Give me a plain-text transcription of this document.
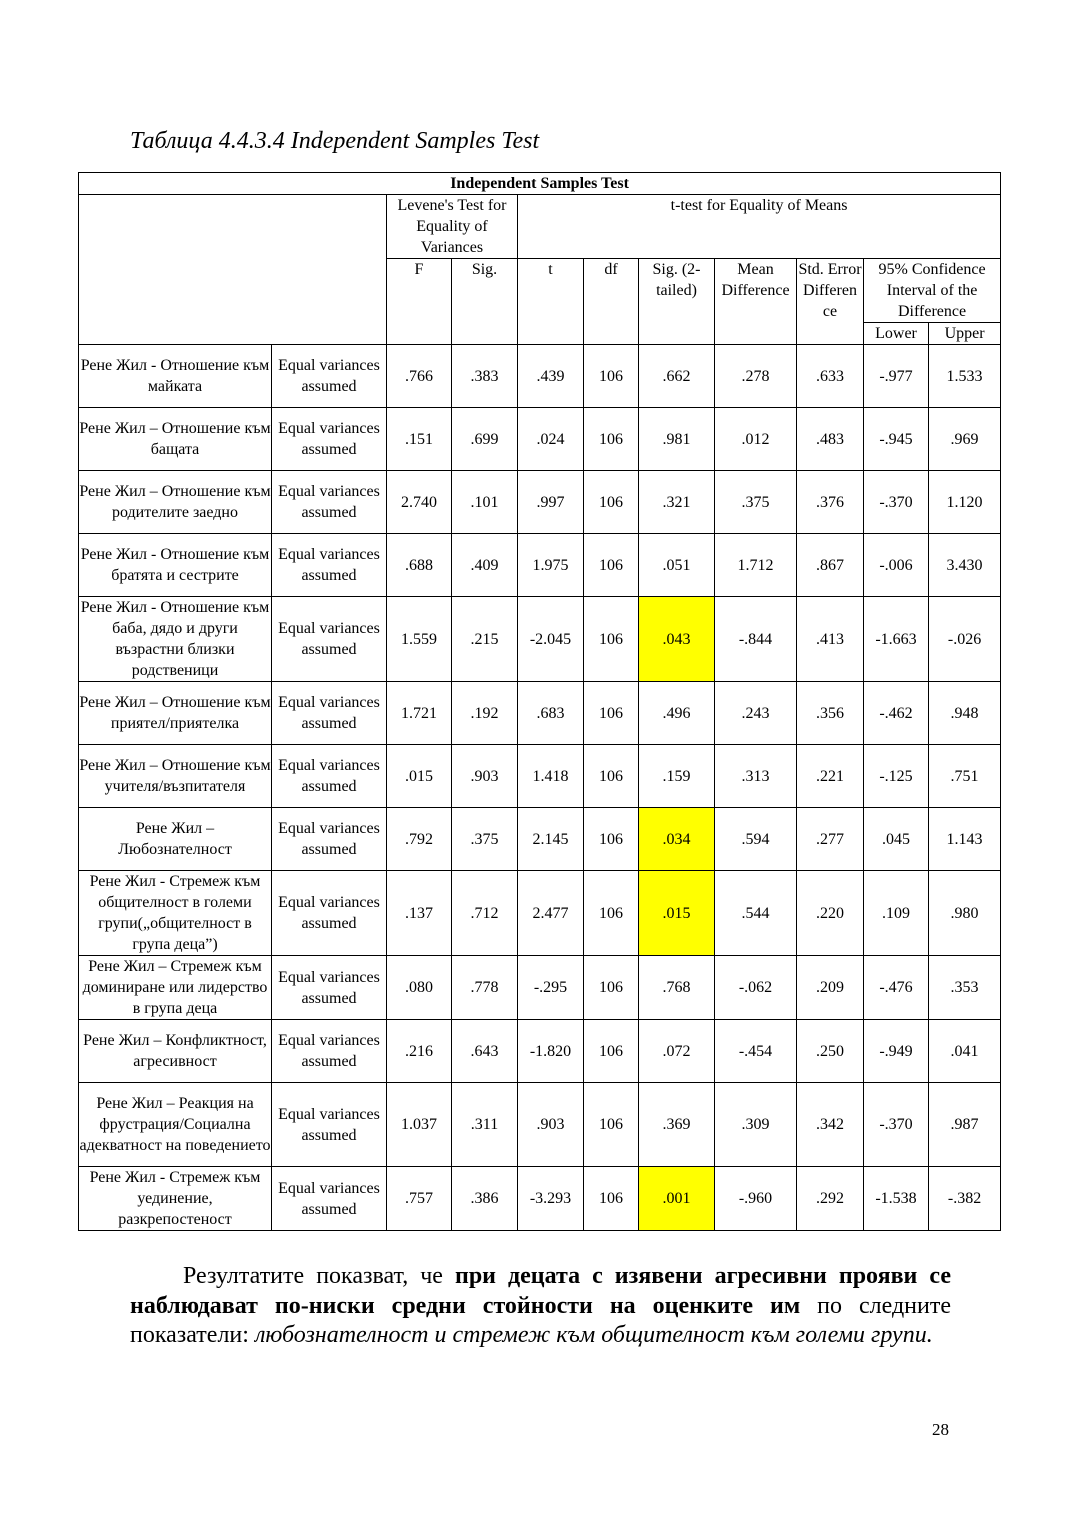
Таблица 4.4.3.4 Independent Samples Test
Independent Samples Test										
		Levene's Test for Equality of Variances		t-test for Equality of Means						
		F	Sig.	t	df	Sig. (2-tailed)	Mean Difference	Std. Error Differen ce	95% Confidence Interval of the Difference	
									Lower	Upper
Рене Жил - Отношение към майката	Equal variances assumed	.766	.383	.439	106	.662	.278	.633	-.977	1.533
Рене Жил – Отношение към бащата	Equal variances assumed	.151	.699	.024	106	.981	.012	.483	-.945	.969
Рене Жил – Отношение към родителите заедно	Equal variances assumed	2.740	.101	.997	106	.321	.375	.376	-.370	1.120
Рене Жил - Отношение към братята и сестрите	Equal variances assumed	.688	.409	1.975	106	.051	1.712	.867	-.006	3.430
Рене Жил - Отношение към баба, дядо и други възрастни близки родственици	Equal variances assumed	1.559	.215	-2.045	106	.043	-.844	.413	-1.663	-.026
Рене Жил – Отношение към приятел/приятелка	Equal variances assumed	1.721	.192	.683	106	.496	.243	.356	-.462	.948
Рене Жил – Отношение към учителя/възпитателя	Equal variances assumed	.015	.903	1.418	106	.159	.313	.221	-.125	.751
Рене Жил – Любознателност	Equal variances assumed	.792	.375	2.145	106	.034	.594	.277	.045	1.143
Рене Жил - Стремеж към общителност в големи групи(„общителност в група деца”)	Equal variances assumed	.137	.712	2.477	106	.015	.544	.220	.109	.980
Рене Жил – Стремеж към доминиране или лидерство в група деца	Equal variances assumed	.080	.778	-.295	106	.768	-.062	.209	-.476	.353
Рене Жил – Конфликтност, агресивност	Equal variances assumed	.216	.643	-1.820	106	.072	-.454	.250	-.949	.041
Рене Жил – Реакция на фрустрация/Социална адекватност на поведението	Equal variances assumed	1.037	.311	.903	106	.369	.309	.342	-.370	.987
Рене Жил - Стремеж към уединение, разкрепостеност	Equal variances assumed	.757	.386	-3.293	106	.001	-.960	.292	-1.538	-.382

Резултатите показват, че при децата с изявени агресивни прояви се наблюдават по-ниски средни стойности на оценките им по следните показатели: любознателност и стремеж към общителност към големи групи.

28
